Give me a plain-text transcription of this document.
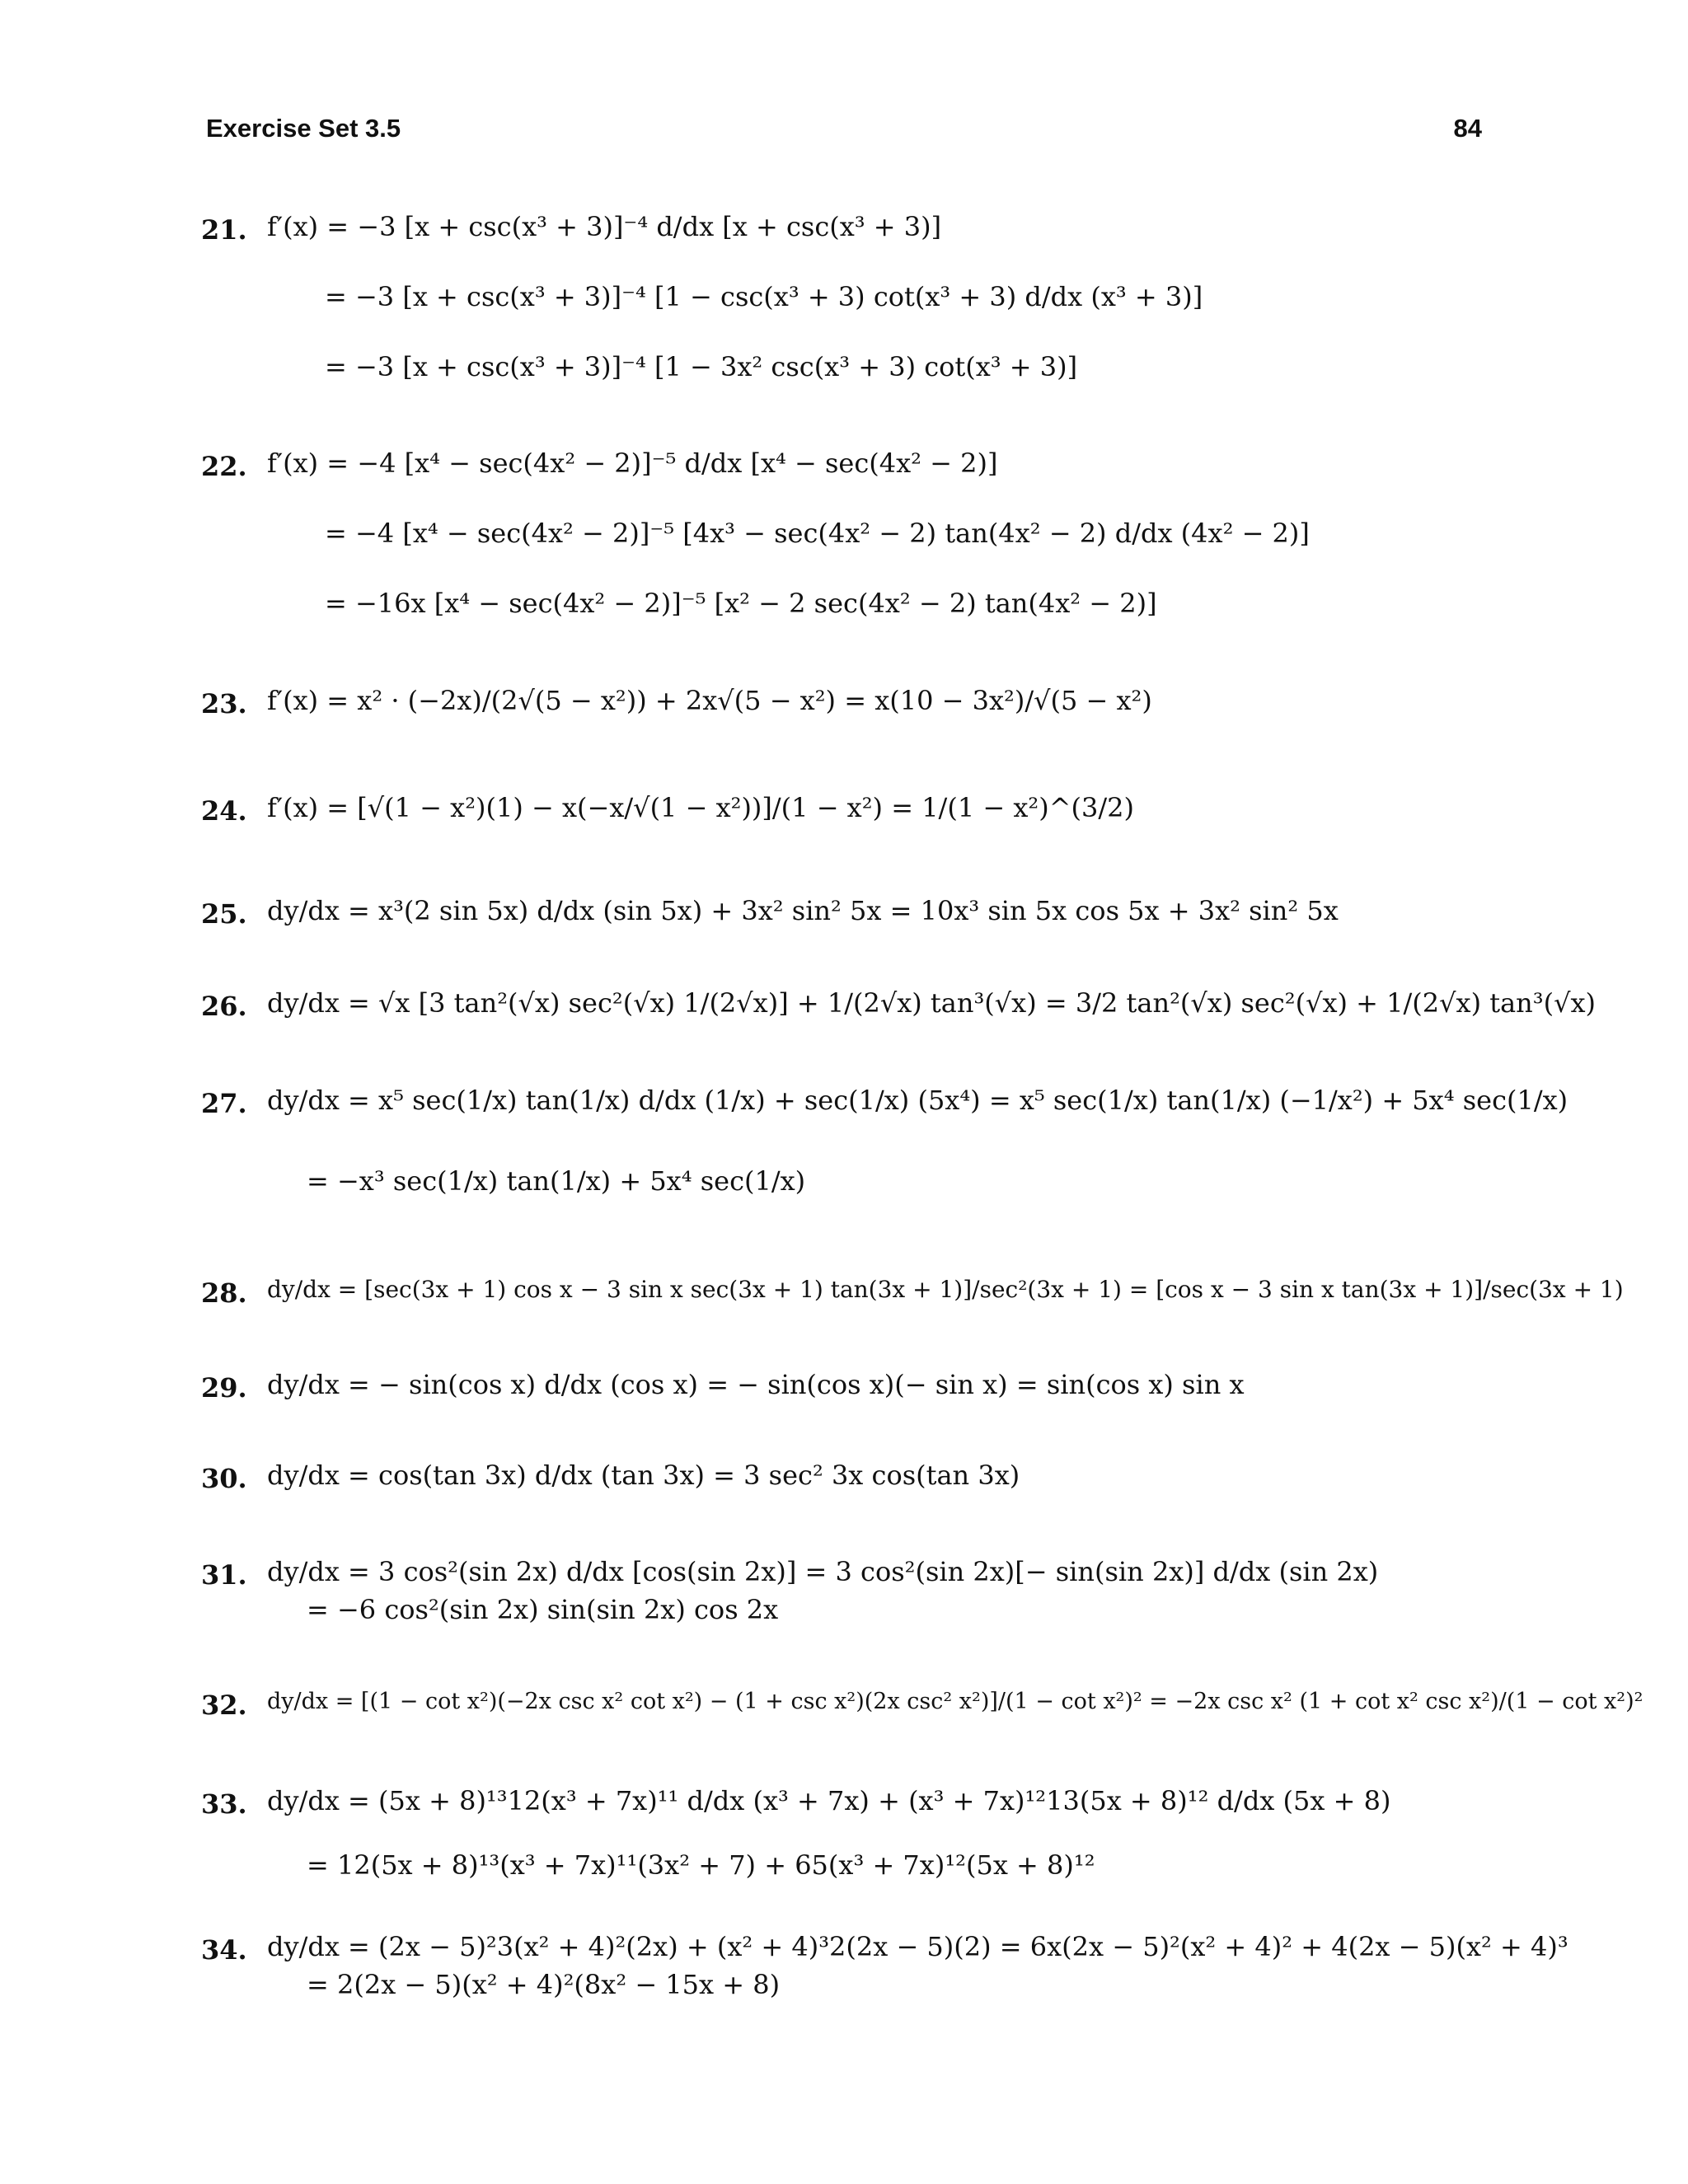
Exercise Set 3.5	84
21. f′(x) = −3 [x + csc(x³ + 3)]⁻⁴ d/dx [x + csc(x³ + 3)]
= −3 [x + csc(x³ + 3)]⁻⁴ [1 − csc(x³ + 3) cot(x³ + 3) d/dx (x³ + 3)]
= −3 [x + csc(x³ + 3)]⁻⁴ [1 − 3x² csc(x³ + 3) cot(x³ + 3)]
22. f′(x) = −4 [x⁴ − sec(4x² − 2)]⁻⁵ d/dx [x⁴ − sec(4x² − 2)]
= −4 [x⁴ − sec(4x² − 2)]⁻⁵ [4x³ − sec(4x² − 2) tan(4x² − 2) d/dx (4x² − 2)]
= −16x [x⁴ − sec(4x² − 2)]⁻⁵ [x² − 2 sec(4x² − 2) tan(4x² − 2)]
23. f′(x) = x² · (−2x)/(2√(5 − x²)) + 2x√(5 − x²) = x(10 − 3x²)/√(5 − x²)
24. f′(x) = [√(1 − x²)(1) − x(−x/√(1 − x²))]/(1 − x²) = 1/(1 − x²)^(3/2)
25. dy/dx = x³(2 sin 5x) d/dx (sin 5x) + 3x² sin² 5x = 10x³ sin 5x cos 5x + 3x² sin² 5x
26. dy/dx = √x [3 tan²(√x) sec²(√x) 1/(2√x)] + 1/(2√x) tan³(√x) = 3/2 tan²(√x) sec²(√x) + 1/(2√x) tan³(√x)
27. dy/dx = x⁵ sec(1/x) tan(1/x) d/dx (1/x) + sec(1/x) (5x⁴) = x⁵ sec(1/x) tan(1/x) (−1/x²) + 5x⁴ sec(1/x)
= −x³ sec(1/x) tan(1/x) + 5x⁴ sec(1/x)
28. dy/dx = [sec(3x + 1) cos x − 3 sin x sec(3x + 1) tan(3x + 1)]/sec²(3x + 1) = [cos x − 3 sin x tan(3x + 1)]/sec(3x + 1)
29. dy/dx = − sin(cos x) d/dx (cos x) = − sin(cos x)(− sin x) = sin(cos x) sin x
30. dy/dx = cos(tan 3x) d/dx (tan 3x) = 3 sec² 3x cos(tan 3x)
31. dy/dx = 3 cos²(sin 2x) d/dx [cos(sin 2x)] = 3 cos²(sin 2x)[− sin(sin 2x)] d/dx (sin 2x)
= −6 cos²(sin 2x) sin(sin 2x) cos 2x
32. dy/dx = [(1 − cot x²)(−2x csc x² cot x²) − (1 + csc x²)(2x csc² x²)]/(1 − cot x²)² = −2x csc x² (1 + cot x² csc x²)/(1 − cot x²)²
33. dy/dx = (5x + 8)¹³12(x³ + 7x)¹¹ d/dx (x³ + 7x) + (x³ + 7x)¹²13(5x + 8)¹² d/dx (5x + 8)
= 12(5x + 8)¹³(x³ + 7x)¹¹(3x² + 7) + 65(x³ + 7x)¹²(5x + 8)¹²
34. dy/dx = (2x − 5)²3(x² + 4)²(2x) + (x² + 4)³2(2x − 5)(2) = 6x(2x − 5)²(x² + 4)² + 4(2x − 5)(x² + 4)³
= 2(2x − 5)(x² + 4)²(8x² − 15x + 8)
